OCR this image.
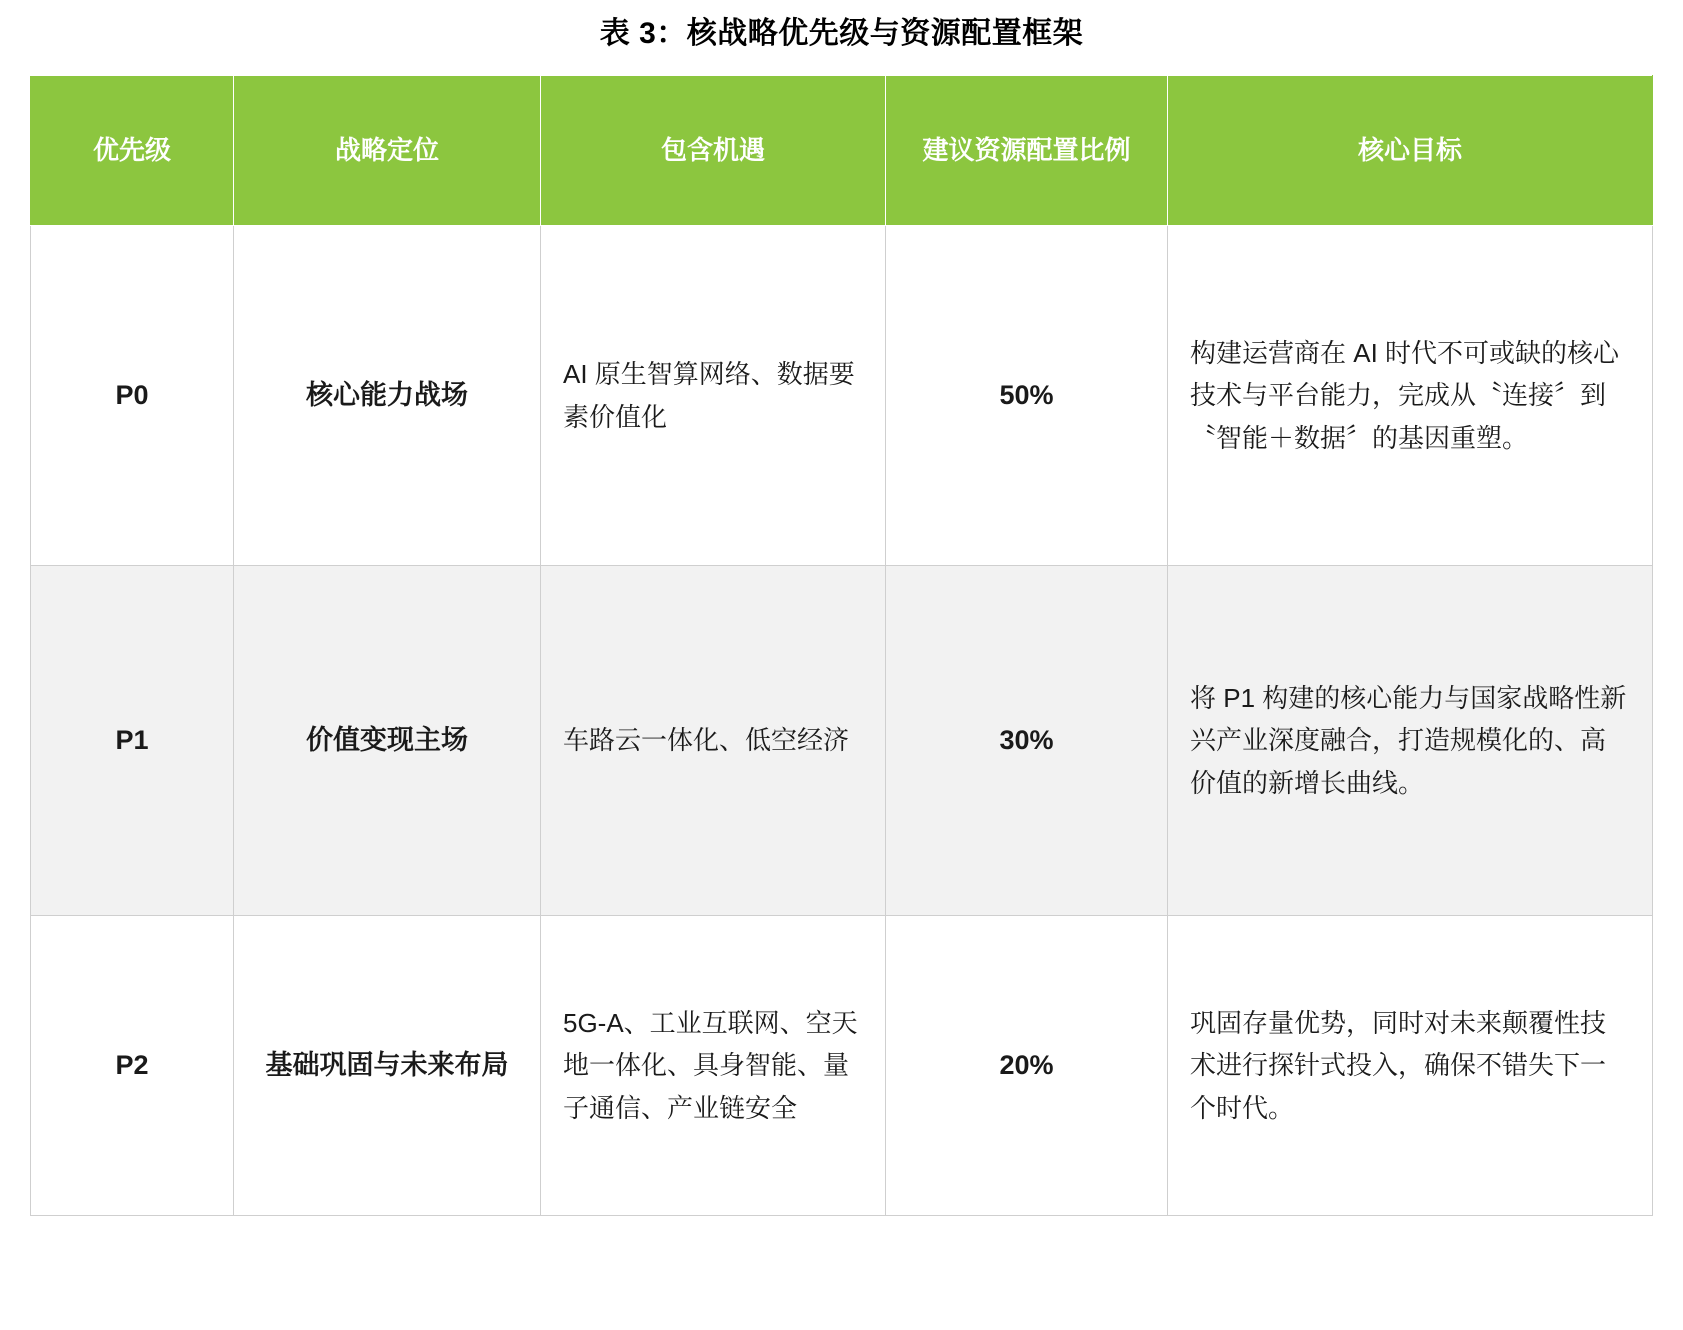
表 3：核战略优先级与资源配置框架
优先级	战略定位	包含机遇	建议资源配置比例	核心目标
P0	核心能力战场	AI 原生智算网络、数据要素价值化	50%	构建运营商在 AI 时代不可或缺的核心技术与平台能力，完成从〝连接〞到〝智能＋数据〞的基因重塑。
P1	价值变现主场	车路云一体化、低空经济	30%	将 P1 构建的核心能力与国家战略性新兴产业深度融合，打造规模化的、高价值的新增长曲线。
P2	基础巩固与未来布局	5G-A、工业互联网、空天地一体化、具身智能、量子通信、产业链安全	20%	巩固存量优势，同时对未来颠覆性技术进行探针式投入，确保不错失下一个时代。
